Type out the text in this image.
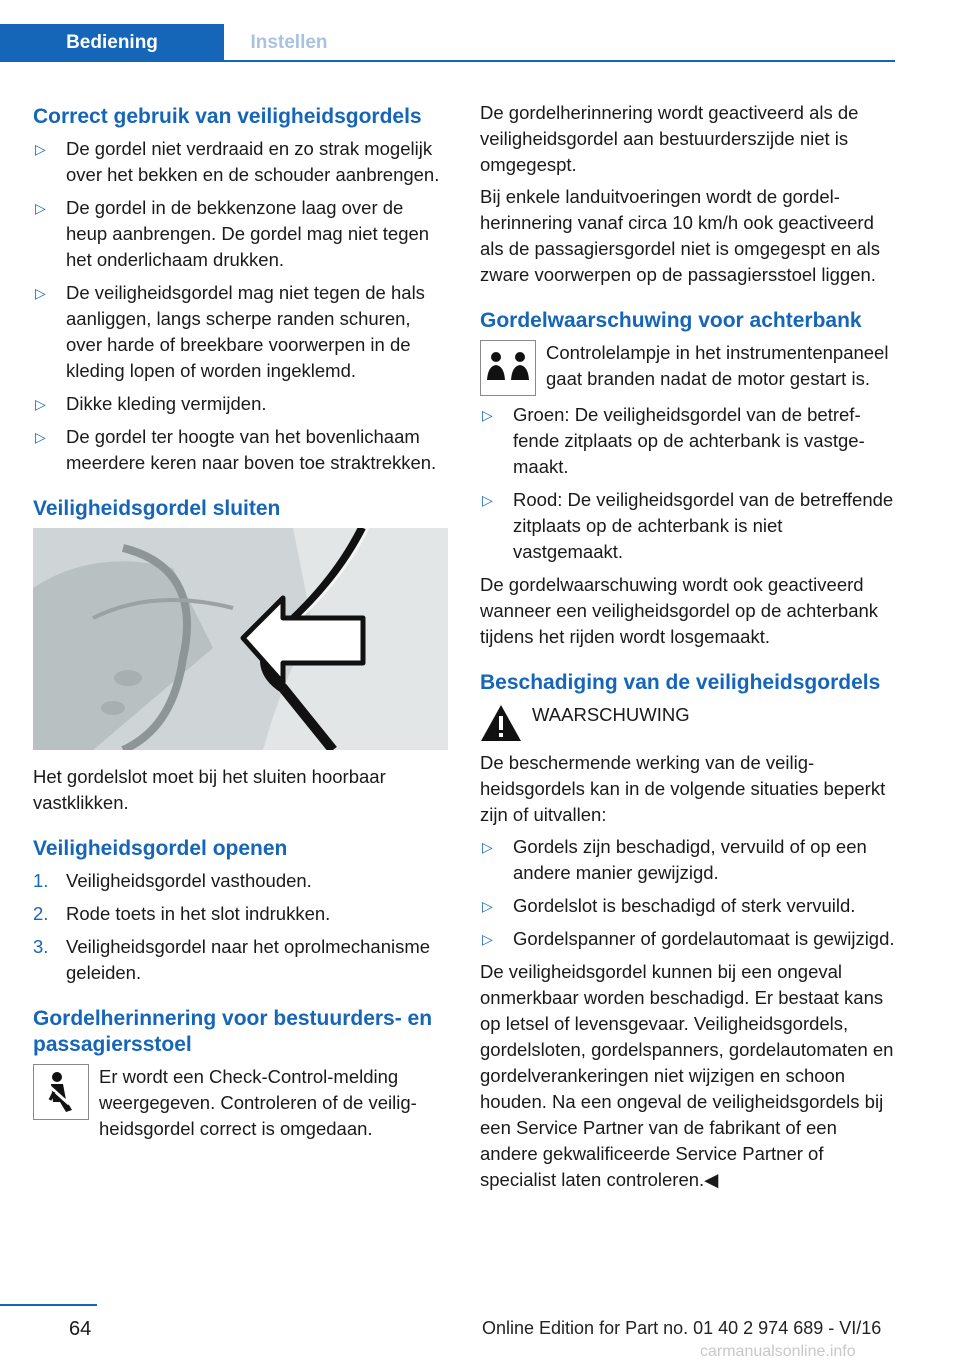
Bediening	Instellen
Correct gebruik van veiligheidsgordels
▷ De gordel niet verdraaid en zo strak mogelijk over het bekken en de schouder aanbrengen.
▷ De gordel in de bekkenzone laag over de heup aanbrengen. De gordel mag niet tegen het onderlichaam drukken.
▷ De veiligheidsgordel mag niet tegen de hals aanliggen, langs scherpe randen schuren, over harde of breekbare voorwerpen in de kleding lopen of worden ingeklemd.
▷ Dikke kleding vermijden.
▷ De gordel ter hoogte van het bovenlichaam meerdere keren naar boven toe straktrekken.
Veiligheidsgordel sluiten

Het gordelslot moet bij het sluiten hoorbaar vastklikken.

Veiligheidsgordel openen
1. Veiligheidsgordel vasthouden.
2. Rode toets in het slot indrukken.
3. Veiligheidsgordel naar het oprolmechanisme geleiden.
Gordelherinnering voor bestuurders- en passagiersstoel
Er wordt een Check-Control-melding weergegeven. Controleren of de veiligheidsgordel correct is omgedaan.

De gordelherinnering wordt geactiveerd als de veiligheidsgordel aan bestuurderszijde niet is omgegespt.

Bij enkele landuitvoeringen wordt de gordelherinnering vanaf circa 10 km/h ook geactiveerd als de passagiersgordel niet is omgegespt en als zware voorwerpen op de passagiersstoel liggen.

Gordelwaarschuwing voor achterbank
Controlelampje in het instrumentenpaneel gaat branden nadat de motor gestart is.
▷ Groen: De veiligheidsgordel van de betreffende zitplaats op de achterbank is vastgemaakt.
▷ Rood: De veiligheidsgordel van de betreffende zitplaats op de achterbank is niet vastgemaakt.

De gordelwaarschuwing wordt ook geactiveerd wanneer een veiligheidsgordel op de achterbank tijdens het rijden wordt losgemaakt.

Beschadiging van de veiligheidsgordels
WAARSCHUWING

De beschermende werking van de veiligheidsgordels kan in de volgende situaties beperkt zijn of uitvallen:

▷ Gordels zijn beschadigd, vervuild of op een andere manier gewijzigd.
▷ Gordelslot is beschadigd of sterk vervuild.
▷ Gordelspanner of gordelautomaat is gewijzigd.

De veiligheidsgordel kunnen bij een ongeval onmerkbaar worden beschadigd. Er bestaat kans op letsel of levensgevaar. Veiligheidsgordels, gordelsloten, gordelspanners, gordelautomaten en gordelverankeringen niet wijzigen en schoon houden. Na een ongeval de veiligheidsgordels bij een Service Partner van de fabrikant of een andere gekwalificeerde Service Partner of specialist laten controleren.◀

64	Online Edition for Part no. 01 40 2 974 689 - VI/16
carmanualsonline.info
